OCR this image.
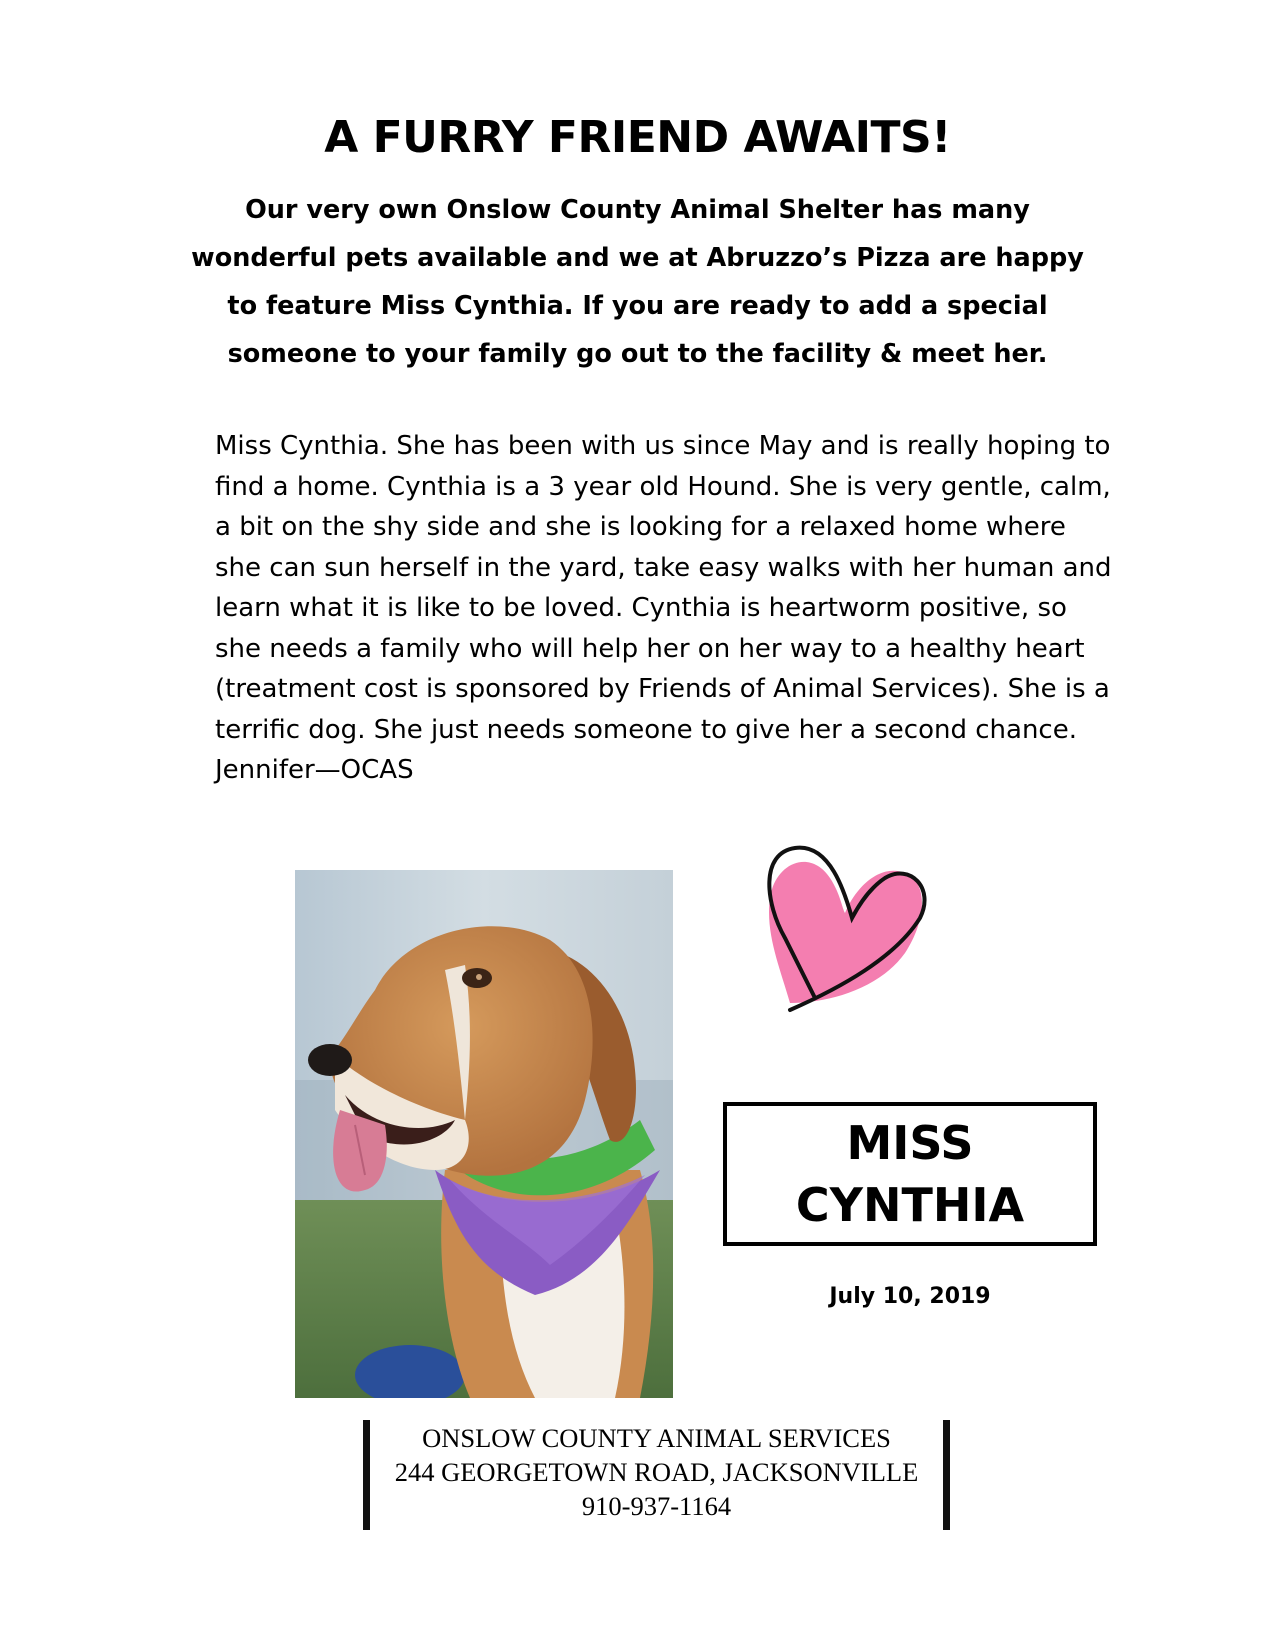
A FURRY FRIEND AWAITS!

Our very own Onslow County Animal Shelter has many wonderful pets available and we at Abruzzo’s Pizza are happy to feature Miss Cynthia. If you are ready to add a special someone to your family go out to the facility & meet her.

Miss Cynthia. She has been with us since May and is really hoping to find a home. Cynthia is a 3 year old Hound. She is very gentle, calm, a bit on the shy side and she is looking for a relaxed home where she can sun herself in the yard, take easy walks with her human and learn what it is like to be loved. Cynthia is heartworm positive, so she needs a family who will help her on her way to a healthy heart (treatment cost is sponsored by Friends of Animal Services). She is a terrific dog. She just needs someone to give her a second chance. Jennifer—OCAS

MISS
CYNTHIA
July 10, 2019
ONSLOW COUNTY ANIMAL SERVICES
244 GEORGETOWN ROAD, JACKSONVILLE
910-937-1164
